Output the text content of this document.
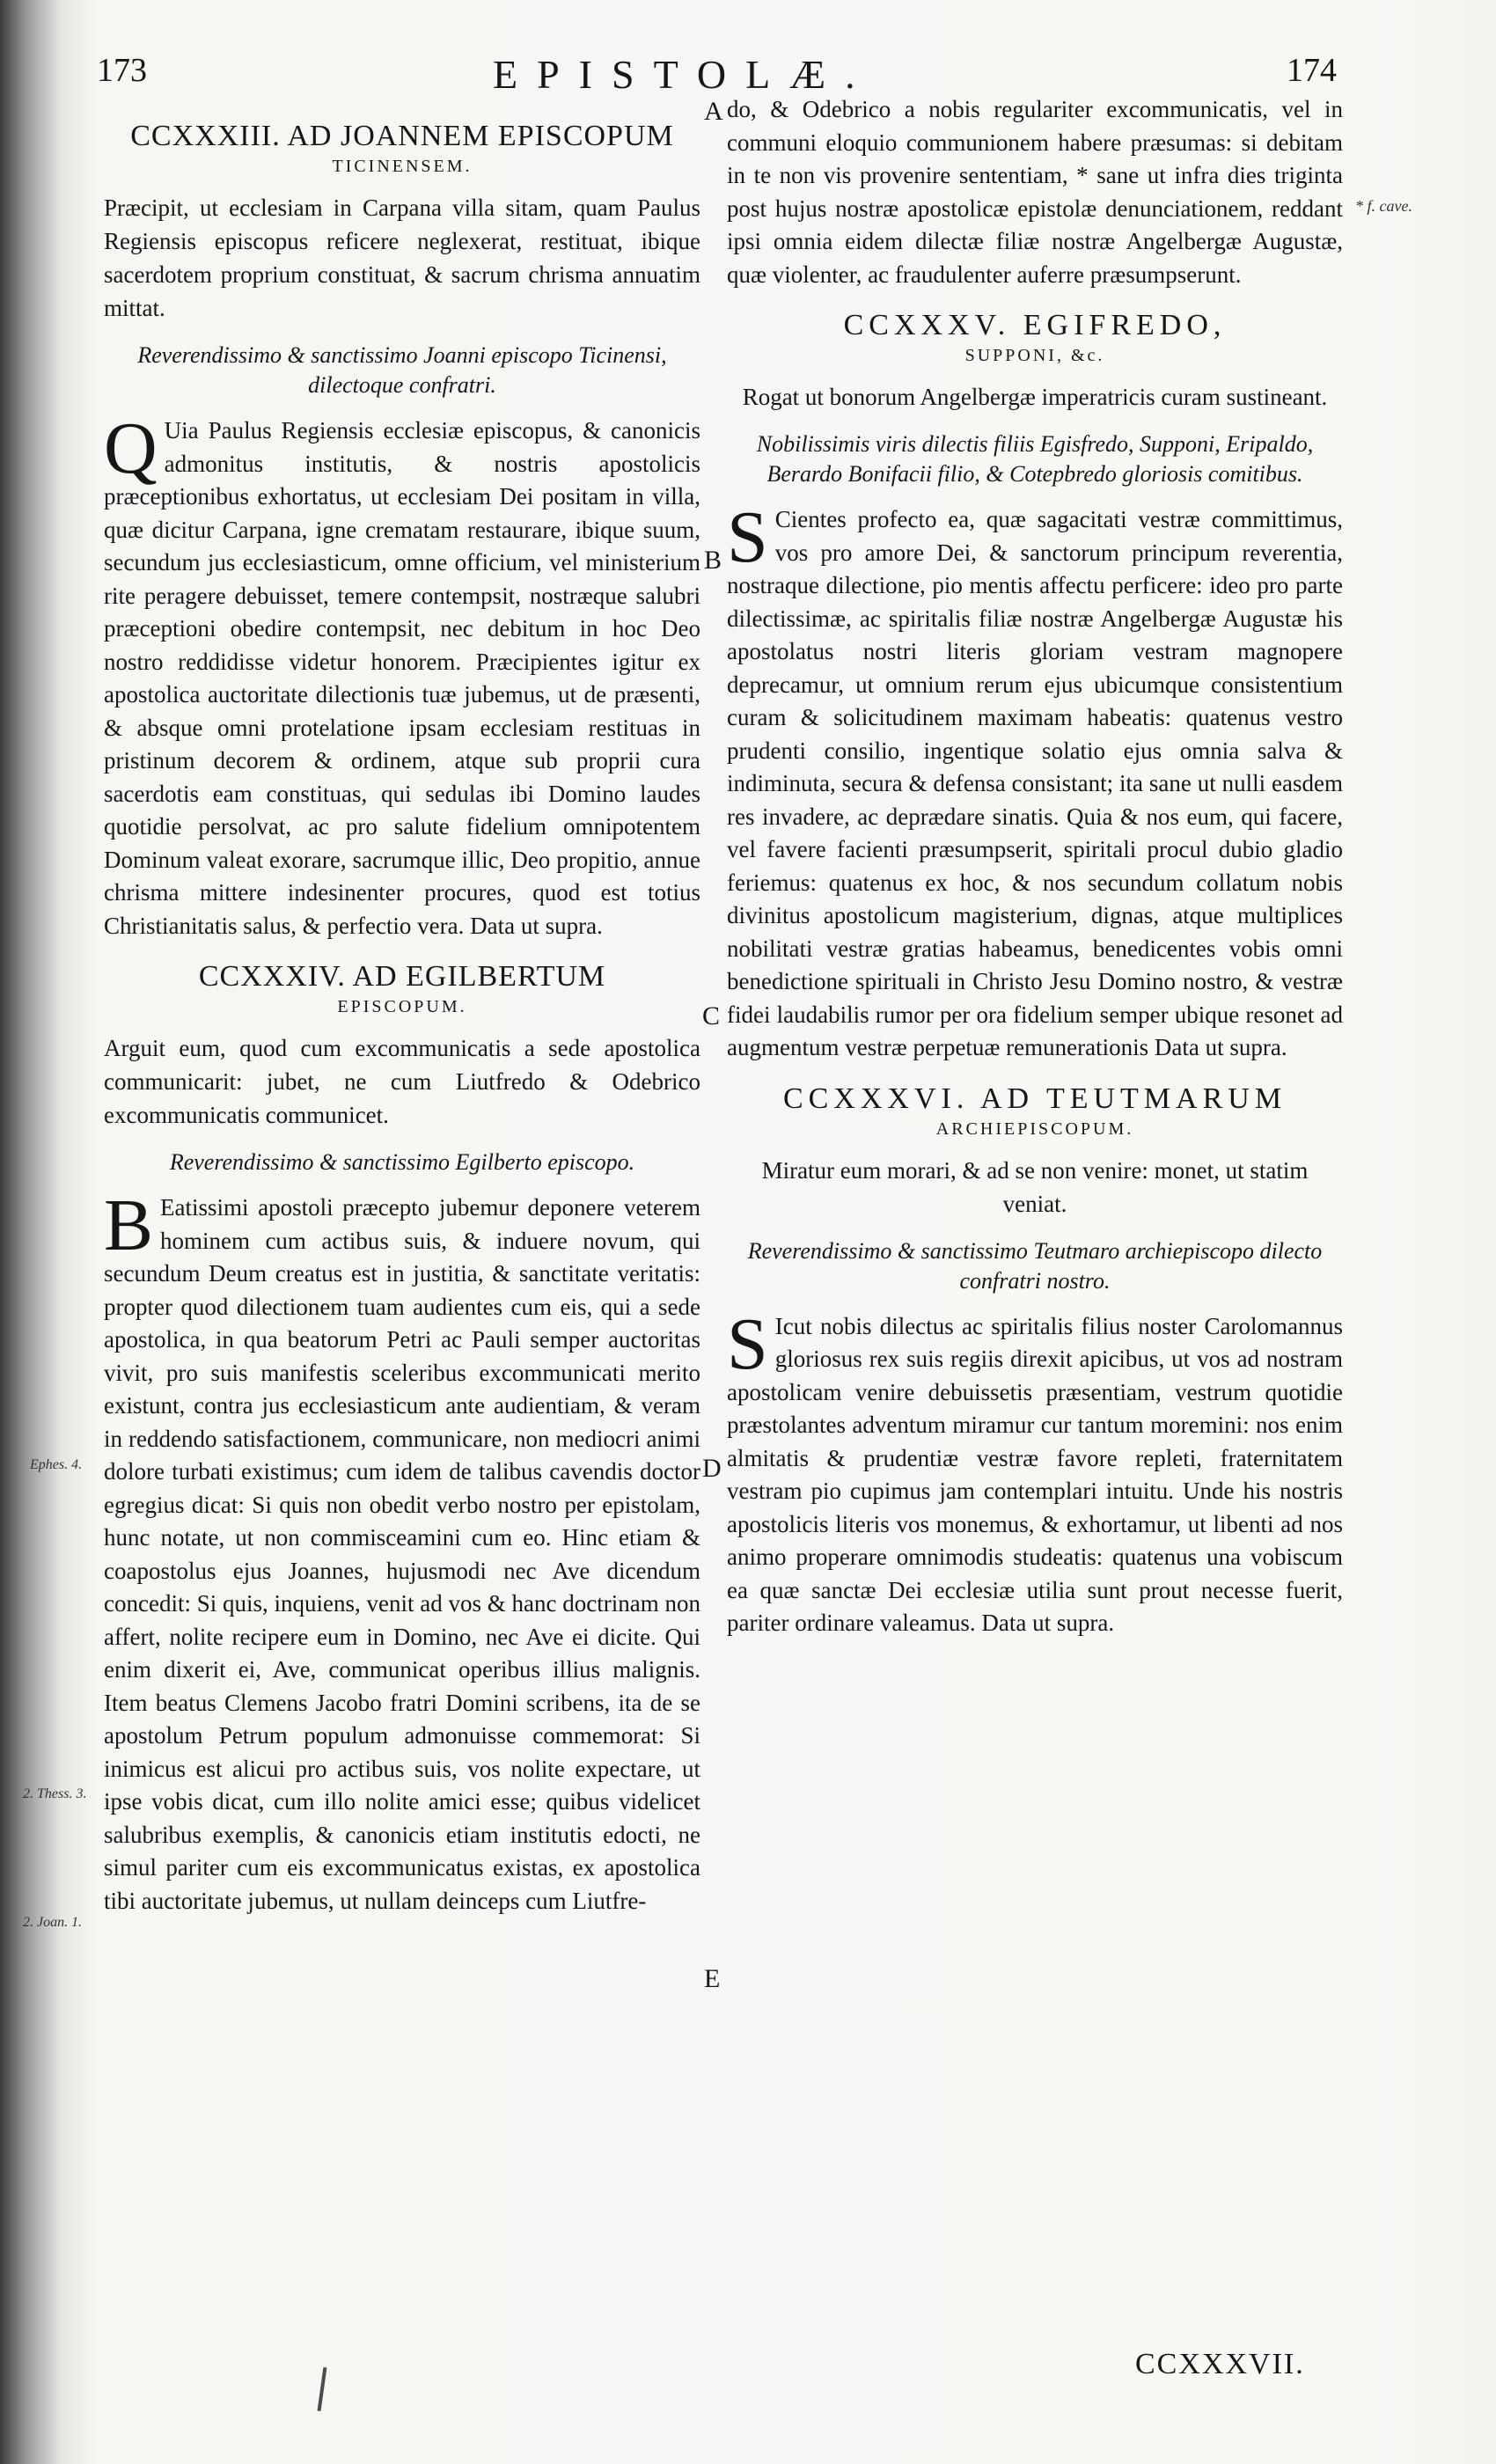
173	EPISTOLÆ.	174
CCXXXIII. AD JOANNEM EPISCOPUM
TICINENSEM.
Præcipit, ut ecclesiam in Carpana villa sitam, quam Paulus Regiensis episcopus reficere neglexerat, restituat, ibique sacerdotem proprium constituat, & sacrum chrisma annuatim mittat.
Reverendissimo & sanctissimo Joanni episcopo Ticinensi, dilectoque confratri.
Q Uia Paulus Regiensis ecclesiæ episcopus, & canonicis admonitus institutis, & nostris apostolicis præceptionibus exhortatus, ut ecclesiam Dei positam in villa, quæ dicitur Carpana, igne crematam restaurare, ibique suum, secundum jus ecclesiasticum, omne officium, vel ministerium rite peragere debuisset, temere contempsit, nostræque salubri præceptioni obedire contempsit, nec debitum in hoc Deo nostro reddidisse videtur honorem. Præcipientes igitur ex apostolica auctoritate dilectionis tuæ jubemus, ut de præsenti, & absque omni protelatione ipsam ecclesiam restituas in pristinum decorem & ordinem, atque sub proprii cura sacerdotis eam constituas, qui sedulas ibi Domino laudes quotidie persolvat, ac pro salute fidelium omnipotentem Dominum valeat exorare, sacrumque illic, Deo propitio, annue chrisma mittere indesinenter procures, quod est totius Christianitatis salus, & perfectio vera. Data ut supra.
CCXXXIV. AD EGILBERTUM
EPISCOPUM.
Arguit eum, quod cum excommunicatis a sede apostolica communicarit: jubet, ne cum Liutfredo & Odebrico excommunicatis communicet.
Reverendissimo & sanctissimo Egilberto episcopo.
B Eatissimi apostoli præcepto jubemur deponere veterem hominem cum actibus suis, & induere novum, qui secundum Deum creatus est in justitia, & sanctitate veritatis: propter quod dilectionem tuam audientes cum eis, qui a sede apostolica, in qua beatorum Petri ac Pauli semper auctoritas vivit, pro suis manifestis sceleribus excommunicati merito existunt, contra jus ecclesiasticum ante audientiam, & veram in reddendo satisfactionem, communicare, non mediocri animi dolore turbati existimus; cum idem de talibus cavendis doctor egregius dicat: Si quis non obedit verbo nostro per epistolam, hunc notate, ut non commisceamini cum eo. Hinc etiam & coapostolus ejus Joannes, hujusmodi nec Ave dicendum concedit: Si quis, inquiens, venit ad vos & hanc doctrinam non affert, nolite recipere eum in Domino, nec Ave ei dicite. Qui enim dixerit ei, Ave, communicat operibus illius malignis. Item beatus Clemens Jacobo fratri Domini scribens, ita de se apostolum Petrum populum admonuisse commemorat: Si inimicus est alicui pro actibus suis, vos nolite expectare, ut ipse vobis dicat, cum illo nolite amici esse; quibus videlicet salubribus exemplis, & canonicis etiam institutis edocti, ne simul pariter cum eis excommunicatus existas, ex apostolica tibi auctoritate jubemus, ut nullam deinceps cum Liutfre-
Ephes. 4.
2. Thess. 3.
2. Joan. 1.
A
B
C
D
E
do, & Odebrico a nobis regulariter excommunicatis, vel in communi eloquio communionem habere præsumas: si debitam in te non vis provenire sententiam, * sane ut infra dies triginta post hujus nostræ apostolicæ epistolæ denunciationem, reddant ipsi omnia eidem dilectæ filiæ nostræ Angelbergæ Augustæ, quæ violenter, ac fraudulenter auferre præsumpserunt.
CCXXXV. EGIFREDO,
SUPPONI, &c.
Rogat ut bonorum Angelbergæ imperatricis curam sustineant.
Nobilissimis viris dilectis filiis Egisfredo, Supponi, Eripaldo, Berardo Bonifacii filio, & Cotepbredo gloriosis comitibus.
S Cientes profecto ea, quæ sagacitati vestræ committimus, vos pro amore Dei, & sanctorum principum reverentia, nostraque dilectione, pio mentis affectu perficere: ideo pro parte dilectissimæ, ac spiritalis filiæ nostræ Angelbergæ Augustæ his apostolatus nostri literis gloriam vestram magnopere deprecamur, ut omnium rerum ejus ubicumque consistentium curam & solicitudinem maximam habeatis: quatenus vestro prudenti consilio, ingentique solatio ejus omnia salva & indiminuta, secura & defensa consistant; ita sane ut nulli easdem res invadere, ac deprædare sinatis. Quia & nos eum, qui facere, vel favere facienti præsumpserit, spiritali procul dubio gladio feriemus: quatenus ex hoc, & nos secundum collatum nobis divinitus apostolicum magisterium, dignas, atque multiplices nobilitati vestræ gratias habeamus, benedicentes vobis omni benedictione spirituali in Christo Jesu Domino nostro, & vestræ fidei laudabilis rumor per ora fidelium semper ubique resonet ad augmentum vestræ perpetuæ remunerationis Data ut supra.
CCXXXVI. AD TEUTMARUM
ARCHIEPISCOPUM.
Miratur eum morari, & ad se non venire: monet, ut statim veniat.
Reverendissimo & sanctissimo Teutmaro archiepiscopo dilecto confratri nostro.
S Icut nobis dilectus ac spiritalis filius noster Carolomannus gloriosus rex suis regiis direxit apicibus, ut vos ad nostram apostolicam venire debuissetis præsentiam, vestrum quotidie præstolantes adventum miramur cur tantum moremini: nos enim almitatis & prudentiæ vestræ favore repleti, fraternitatem vestram pio cupimus jam contemplari intuitu. Unde his nostris apostolicis literis vos monemus, & exhortamur, ut libenti ad nos animo properare omnimodis studeatis: quatenus una vobiscum ea quæ sanctæ Dei ecclesiæ utilia sunt prout necesse fuerit, pariter ordinare valeamus. Data ut supra.
* f. cave.
CCXXXVII.
